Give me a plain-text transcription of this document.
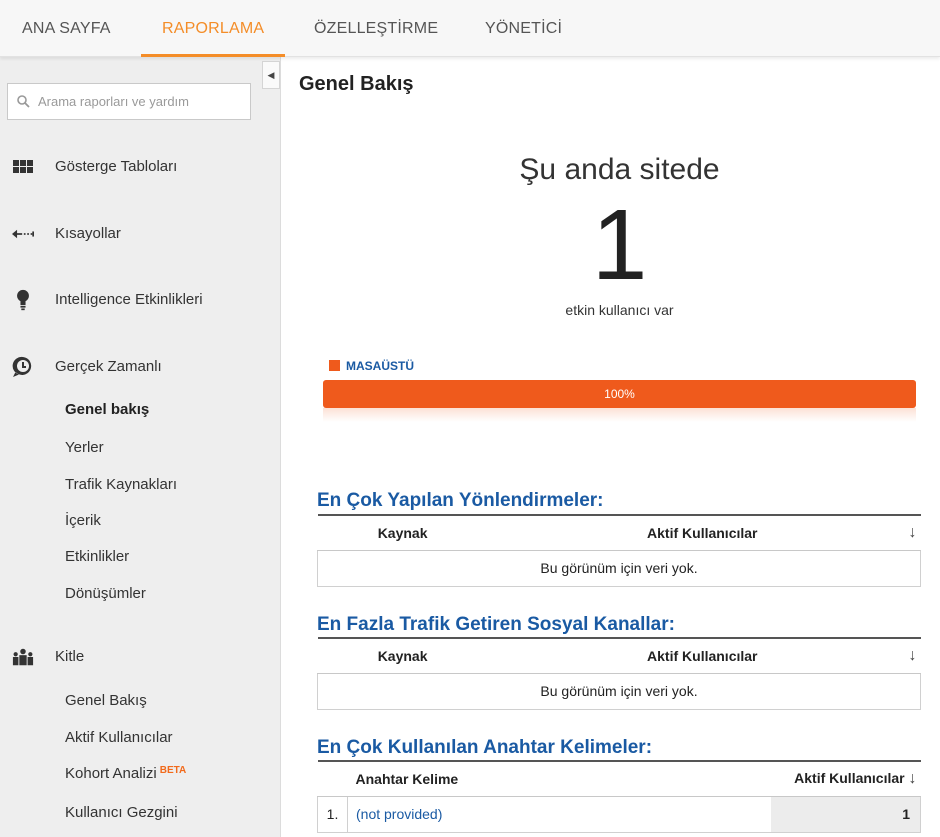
ANA SAYFA	RAPORLAMA	ÖZELLEŞTİRME	YÖNETİCİ
◀
Arama raporları ve yardım
Gösterge Tabloları
Kısayollar
Intelligence Etkinlikleri
Gerçek Zamanlı
Genel bakış
Yerler
Trafik Kaynakları
İçerik
Etkinlikler
Dönüşümler
Kitle
Genel Bakış
Aktif Kullanıcılar
Kohort Analizi $^{BETA}$
Kullanıcı Gezgini
Genel Bakış
Şu anda sitede
1
etkin kullanıcı var
MASAÜSTÜ
100%
En Çok Yapılan Yönlendirmeler:
Kaynak	Aktif Kullanıcılar	↓
Bu görünüm için veri yok.
En Fazla Trafik Getiren Sosyal Kanallar:
Kaynak	Aktif Kullanıcılar	↓
Bu görünüm için veri yok.
En Çok Kullanılan Anahtar Kelimeler:
	Anahtar Kelime	Aktif Kullanıcılar ↓
1.	(not provided)	1
